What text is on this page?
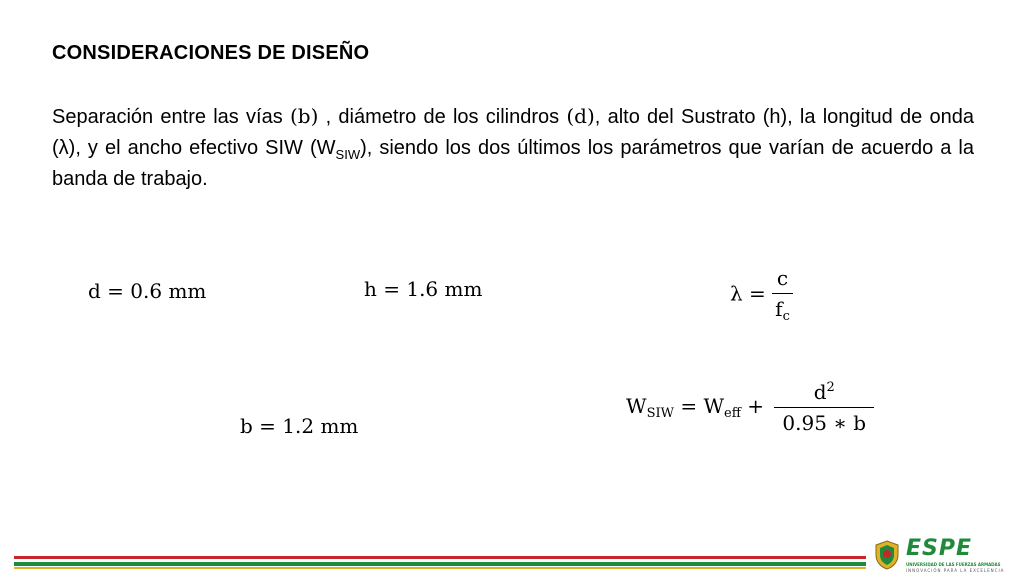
CONSIDERACIONES DE DISEÑO
Separación entre las vías (b) , diámetro de los cilindros (d), alto del Sustrato (h), la longitud de onda (λ), y el ancho efectivo SIW $(W_{SIW})$, siendo los dos últimos los parámetros que varían de acuerdo a la banda de trabajo.
d = 0.6 mm	h = 1.6 mm
b = 1.2 mm
$\lambda = \frac{c}{f_c}$
$W_{SIW} = W_{eff} + \frac{d^2}{0.95 ∗ b}$
ESPE
UNIVERSIDAD DE LAS FUERZAS ARMADAS
INNOVACIÓN PARA LA EXCELENCIA
